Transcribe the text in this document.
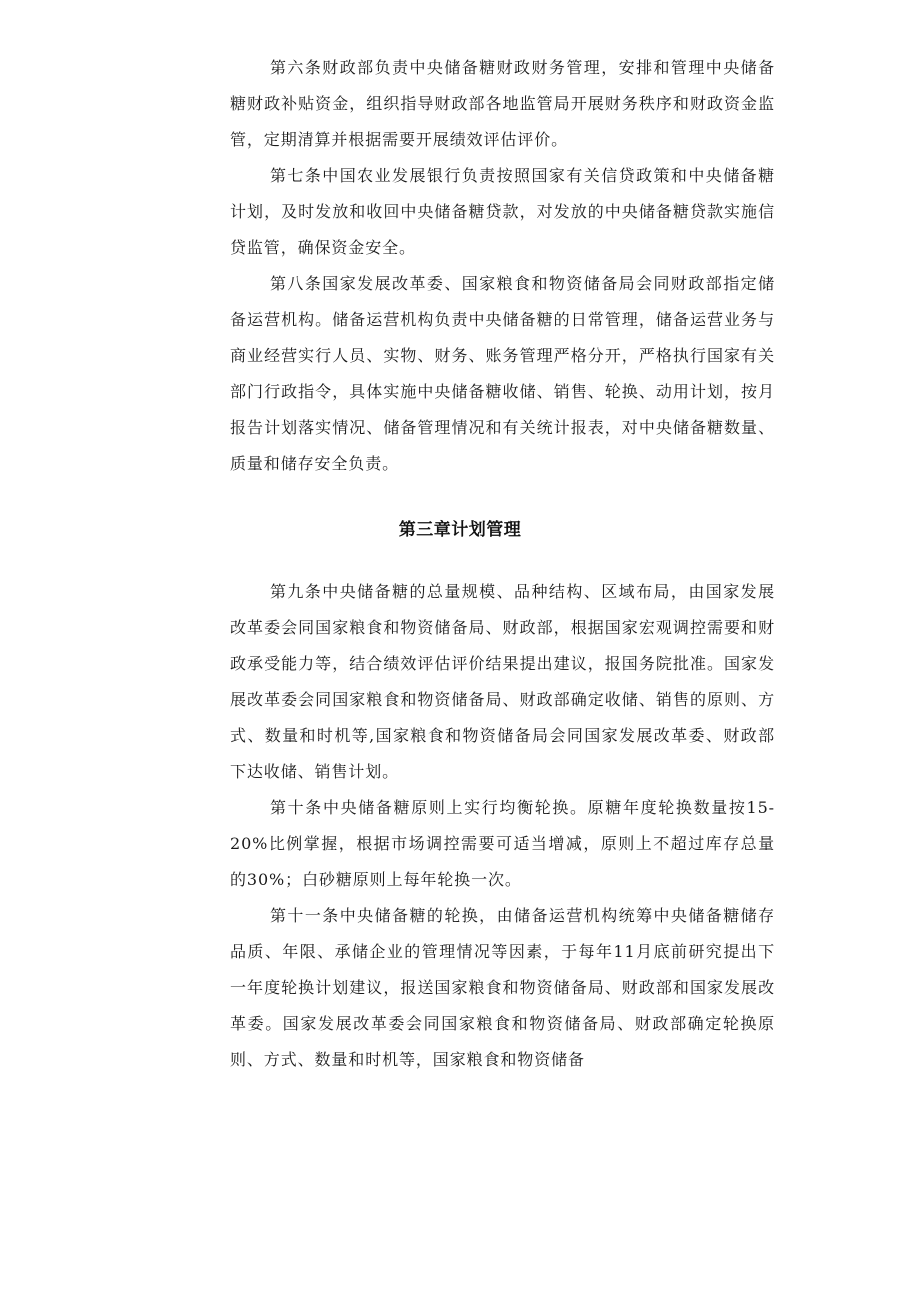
第六条财政部负责中央储备糖财政财务管理，安排和管理中央储备糖财政补贴资金，组织指导财政部各地监管局开展财务秩序和财政资金监管，定期清算并根据需要开展绩效评估评价。

第七条中国农业发展银行负责按照国家有关信贷政策和中央储备糖计划，及时发放和收回中央储备糖贷款，对发放的中央储备糖贷款实施信贷监管，确保资金安全。

第八条国家发展改革委、国家粮食和物资储备局会同财政部指定储备运营机构。储备运营机构负责中央储备糖的日常管理，储备运营业务与商业经营实行人员、实物、财务、账务管理严格分开，严格执行国家有关部门行政指令，具体实施中央储备糖收储、销售、轮换、动用计划，按月报告计划落实情况、储备管理情况和有关统计报表，对中央储备糖数量、质量和储存安全负责。

第三章计划管理

第九条中央储备糖的总量规模、品种结构、区域布局，由国家发展改革委会同国家粮食和物资储备局、财政部，根据国家宏观调控需要和财政承受能力等，结合绩效评估评价结果提出建议，报国务院批准。国家发展改革委会同国家粮食和物资储备局、财政部确定收储、销售的原则、方式、数量和时机等,国家粮食和物资储备局会同国家发展改革委、财政部下达收储、销售计划。

第十条中央储备糖原则上实行均衡轮换。原糖年度轮换数量按15-20%比例掌握，根据市场调控需要可适当增减，原则上不超过库存总量的30%；白砂糖原则上每年轮换一次。

第十一条中央储备糖的轮换，由储备运营机构统筹中央储备糖储存品质、年限、承储企业的管理情况等因素，于每年11月底前研究提出下一年度轮换计划建议，报送国家粮食和物资储备局、财政部和国家发展改革委。国家发展改革委会同国家粮食和物资储备局、财政部确定轮换原则、方式、数量和时机等，国家粮食和物资储备
